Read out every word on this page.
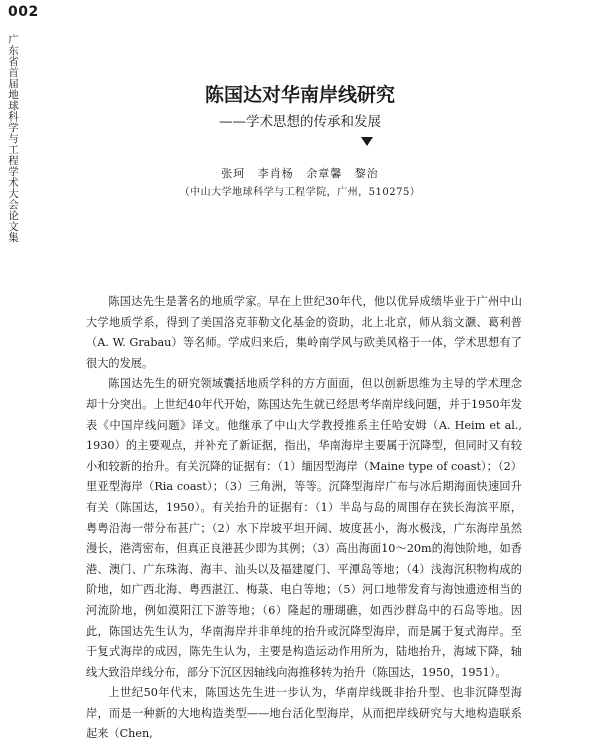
002
广东省首届地球科学与工程学术大会论文集	陈国达对华南岸线研究
——学术思想的传承和发展
张珂 李肖杨 余章馨 黎治
（中山大学地球科学与工程学院，广州，510275）

陈国达先生是著名的地质学家。早在上世纪30年代，他以优异成绩毕业于广州中山大学地质学系，得到了美国洛克菲勒文化基金的资助，北上北京，师从翁文灏、葛利普（A. W. Grabau）等名师。学成归来后，集岭南学风与欧美风格于一体，学术思想有了很大的发展。

陈国达先生的研究领域囊括地质学科的方方面面，但以创新思维为主导的学术理念却十分突出。上世纪40年代开始，陈国达先生就已经思考华南岸线问题，并于1950年发表《中国岸线问题》译文。他继承了中山大学教授推系主任哈安姆（A. Heim et al., 1930）的主要观点，并补充了新证据，指出，华南海岸主要属于沉降型，但同时又有较小和较新的抬升。有关沉降的证据有：（1）缅因型海岸（Maine type of coast）；（2）里亚型海岸（Ria coast）；（3）三角洲，等等。沉降型海岸广布与冰后期海面快速回升有关（陈国达，1950）。有关抬升的证据有：（1）半岛与岛的周围存在狭长海滨平原，粤粤沿海一带分布甚广；（2）水下岸坡平坦开阔、坡度甚小，海水极浅，广东海岸虽然漫长，港湾密布，但真正良港甚少即为其例；（3）高出海面10～20m的海蚀阶地，如香港、澳门、广东珠海、海丰、汕头以及福建厦门、平潭岛等地；（4）浅海沉积物构成的阶地，如广西北海、粤西湛江、梅菉、电白等地；（5）河口地带发育与海蚀遗迹相当的河流阶地，例如漠阳江下游等地；（6）隆起的珊瑚礁，如西沙群岛中的石岛等地。因此，陈国达先生认为，华南海岸并非单纯的抬升或沉降型海岸，而是属于复式海岸。至于复式海岸的成因，陈先生认为，主要是构造运动作用所为，陆地抬升，海域下降，轴线大致沿岸线分布，部分下沉区因轴线向海推移转为抬升（陈国达，1950，1951）。

上世纪50年代末，陈国达先生进一步认为，华南岸线既非抬升型、也非沉降型海岸，而是一种新的大地构造类型——地台活化型海岸，从而把岸线研究与大地构造联系起来（Chen,
